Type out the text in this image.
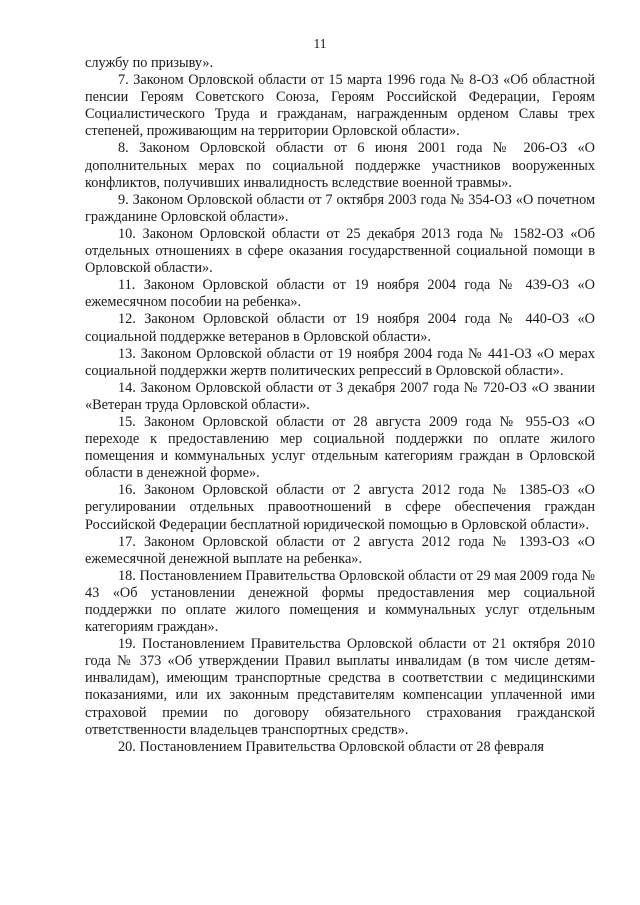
11

службу по призыву».

7. Законом Орловской области от 15 марта 1996 года № 8-ОЗ «Об областной пенсии Героям Советского Союза, Героям Российской Федерации, Героям Социалистического Труда и гражданам, награжденным орденом Славы трех степеней, проживающим на территории Орловской области».

8. Законом Орловской области от 6 июня 2001 года № 206-ОЗ «О дополнительных мерах по социальной поддержке участников вооруженных конфликтов, получивших инвалидность вследствие военной травмы».

9. Законом Орловской области от 7 октября 2003 года № 354-ОЗ «О почетном гражданине Орловской области».

10. Законом Орловской области от 25 декабря 2013 года № 1582-ОЗ «Об отдельных отношениях в сфере оказания государственной социальной помощи в Орловской области».

11. Законом Орловской области от 19 ноября 2004 года № 439-ОЗ «О ежемесячном пособии на ребенка».

12. Законом Орловской области от 19 ноября 2004 года № 440-ОЗ «О социальной поддержке ветеранов в Орловской области».

13. Законом Орловской области от 19 ноября 2004 года № 441-ОЗ «О мерах социальной поддержки жертв политических репрессий в Орловской области».

14. Законом Орловской области от 3 декабря 2007 года № 720-ОЗ «О звании «Ветеран труда Орловской области».

15. Законом Орловской области от 28 августа 2009 года № 955-ОЗ «О переходе к предоставлению мер социальной поддержки по оплате жилого помещения и коммунальных услуг отдельным категориям граждан в Орловской области в денежной форме».

16. Законом Орловской области от 2 августа 2012 года № 1385-ОЗ «О регулировании отдельных правоотношений в сфере обеспечения граждан Российской Федерации бесплатной юридической помощью в Орловской области».

17. Законом Орловской области от 2 августа 2012 года № 1393-ОЗ «О ежемесячной денежной выплате на ребенка».

18. Постановлением Правительства Орловской области от 29 мая 2009 года № 43 «Об установлении денежной формы предоставления мер социальной поддержки по оплате жилого помещения и коммунальных услуг отдельным категориям граждан».

19. Постановлением Правительства Орловской области от 21 октября 2010 года № 373 «Об утверждении Правил выплаты инвалидам (в том числе детям-инвалидам), имеющим транспортные средства в соответствии с медицинскими показаниями, или их законным представителям компенсации уплаченной ими страховой премии по договору обязательного страхования гражданской ответственности владельцев транспортных средств».

20. Постановлением Правительства Орловской области от 28 февраля
